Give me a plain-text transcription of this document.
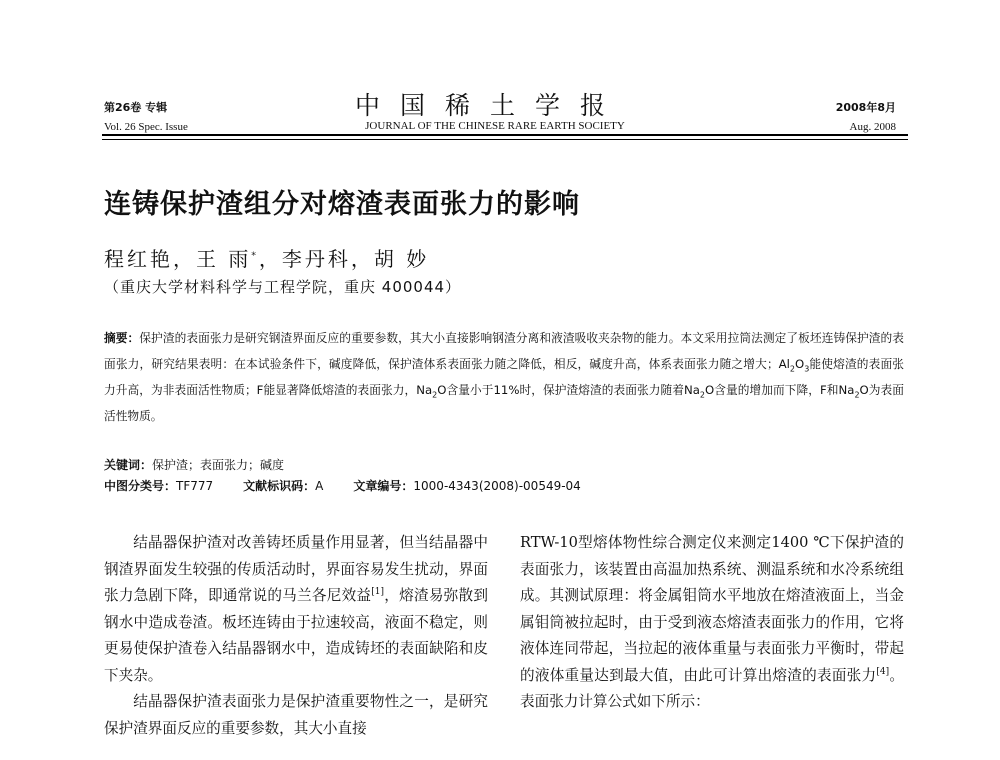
第26卷 专辑
Vol. 26 Spec. Issue
中国稀土学报
JOURNAL OF THE CHINESE RARE EARTH SOCIETY
2008年8月
Aug. 2008
连铸保护渣组分对熔渣表面张力的影响
程红艳，王 雨*，李丹科，胡 妙
（重庆大学材料科学与工程学院，重庆 400044）
摘要：保护渣的表面张力是研究钢渣界面反应的重要参数，其大小直接影响钢渣分离和液渣吸收夹杂物的能力。本文采用拉筒法测定了板坯连铸保护渣的表面张力，研究结果表明：在本试验条件下，碱度降低，保护渣体系表面张力随之降低，相反，碱度升高，体系表面张力随之增大；$Al_2O_3$能使熔渣的表面张力升高，为非表面活性物质；F能显著降低熔渣的表面张力，$Na_2O$含量小于11%时，保护渣熔渣的表面张力随着$Na_2O$含量的增加而下降，F和$Na_2O$为表面活性物质。
关键词：保护渣；表面张力；碱度
中图分类号：TF777	文献标识码：A	文章编号：1000-4343(2008)-00549-04

结晶器保护渣对改善铸坯质量作用显著，但当结晶器中钢渣界面发生较强的传质活动时，界面容易发生扰动，界面张力急剧下降，即通常说的马兰各尼效益[1]，熔渣易弥散到钢水中造成卷渣。板坯连铸由于拉速较高，液面不稳定，则更易使保护渣卷入结晶器钢水中，造成铸坯的表面缺陷和皮下夹杂。

结晶器保护渣表面张力是保护渣重要物性之一，是研究保护渣界面反应的重要参数，其大小直接

RTW-10型熔体物性综合测定仪来测定1400 ℃下保护渣的表面张力，该装置由高温加热系统、测温系统和水冷系统组成。其测试原理：将金属钼筒水平地放在熔渣液面上，当金属钼筒被拉起时，由于受到液态熔渣表面张力的作用，它将液体连同带起，当拉起的液体重量与表面张力平衡时，带起的液体重量达到最大值，由此可计算出熔渣的表面张力[4]。表面张力计算公式如下所示：
